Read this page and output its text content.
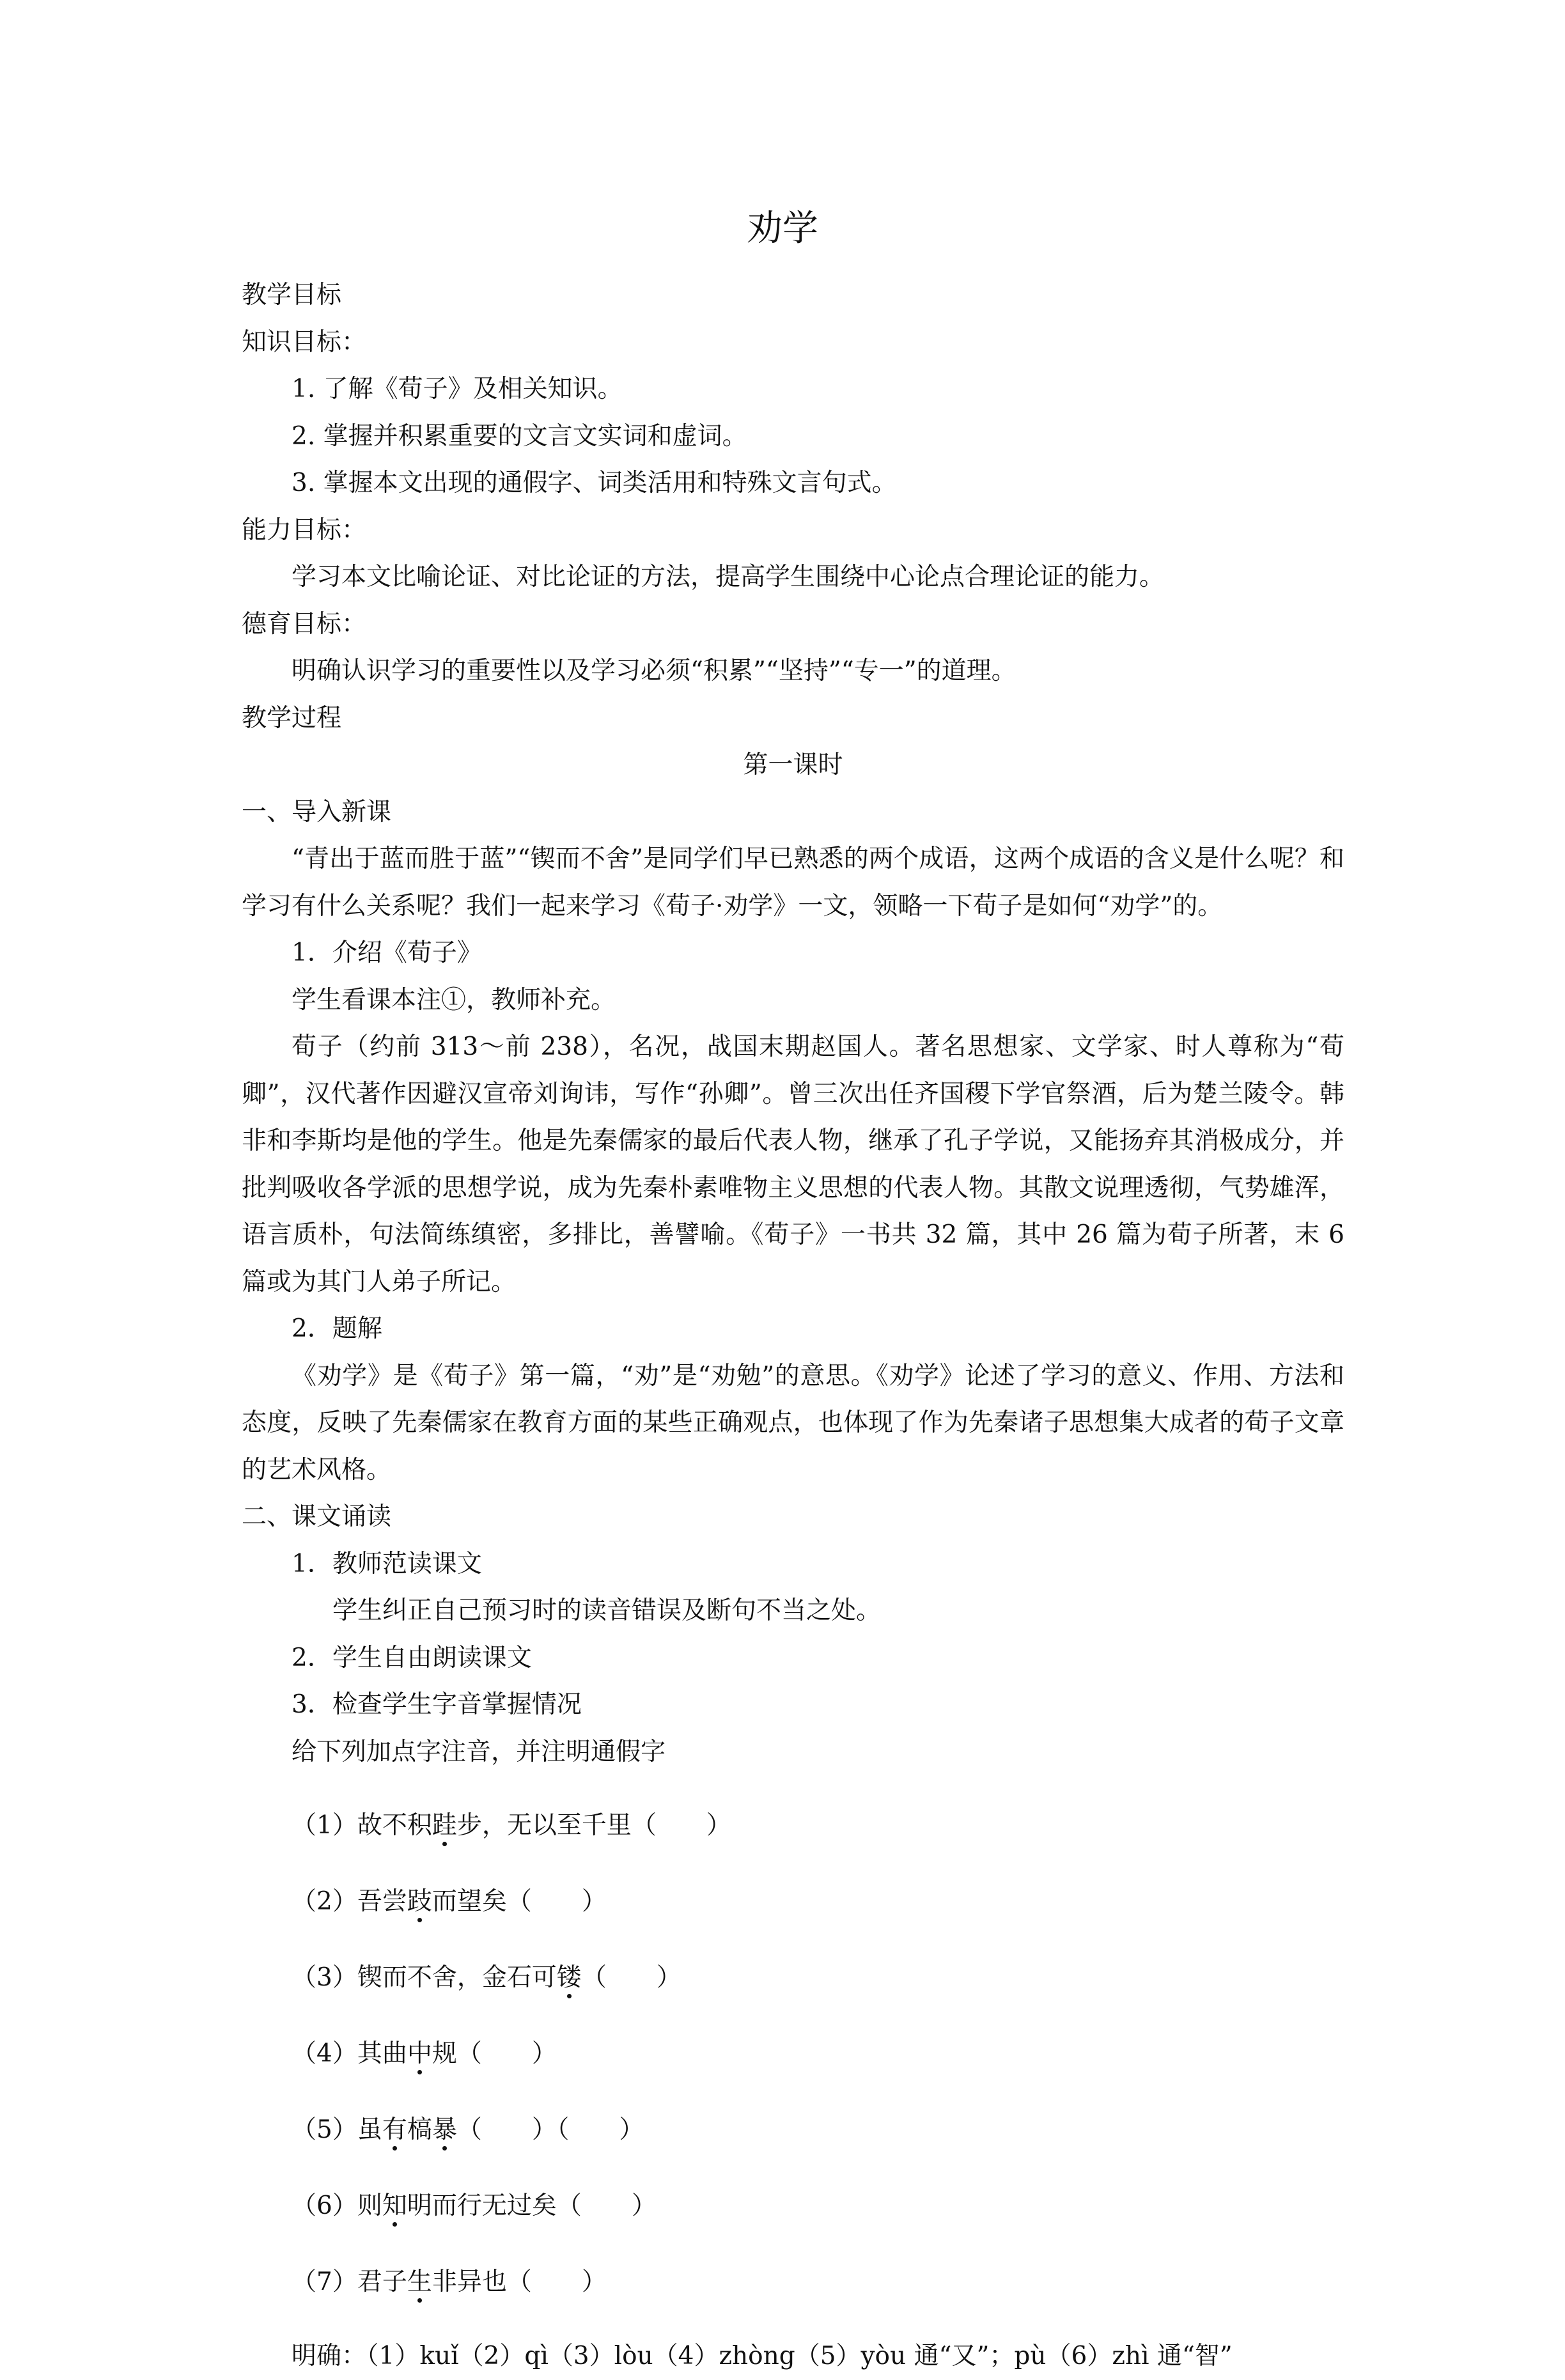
劝学

教学目标

知识目标：

1. 了解《荀子》及相关知识。

2. 掌握并积累重要的文言文实词和虚词。

3. 掌握本文出现的通假字、词类活用和特殊文言句式。

能力目标：

学习本文比喻论证、对比论证的方法，提高学生围绕中心论点合理论证的能力。

德育目标：

明确认识学习的重要性以及学习必须“积累”“坚持”“专一”的道理。

教学过程

第一课时

一、导入新课

“青出于蓝而胜于蓝”“锲而不舍”是同学们早已熟悉的两个成语，这两个成语的含义是什么呢？和学习有什么关系呢？我们一起来学习《荀子·劝学》一文，领略一下荀子是如何“劝学”的。

1．介绍《荀子》

学生看课本注①，教师补充。

荀子（约前 313～前 238），名况，战国末期赵国人。著名思想家、文学家、时人尊称为“荀卿”，汉代著作因避汉宣帝刘询讳，写作“孙卿”。曾三次出任齐国稷下学官祭酒，后为楚兰陵令。韩非和李斯均是他的学生。他是先秦儒家的最后代表人物，继承了孔子学说，又能扬弃其消极成分，并批判吸收各学派的思想学说，成为先秦朴素唯物主义思想的代表人物。其散文说理透彻，气势雄浑，语言质朴，句法简练缜密，多排比，善譬喻。《荀子》一书共 32 篇，其中 26 篇为荀子所著，末 6 篇或为其门人弟子所记。

2．题解

《劝学》是《荀子》第一篇，“劝”是“劝勉”的意思。《劝学》论述了学习的意义、作用、方法和态度，反映了先秦儒家在教育方面的某些正确观点，也体现了作为先秦诸子思想集大成者的荀子文章的艺术风格。

二、课文诵读

1．教师范读课文

学生纠正自己预习时的读音错误及断句不当之处。

2．学生自由朗读课文

3．检查学生字音掌握情况

给下列加点字注音，并注明通假字

（1）故不积跬步，无以至千里（　　）

（2）吾尝跂而望矣（　　）

（3）锲而不舍，金石可镂（　　）

（4）其曲中规（　　）

（5）虽有槁暴（　　）（　　）

（6）则知明而行无过矣（　　）

（7）君子生非异也（　　）

明确：（1）kuǐ（2）qì（3）lòu（4）zhòng（5）yòu 通“又”；pù（6）zhì 通“智”
